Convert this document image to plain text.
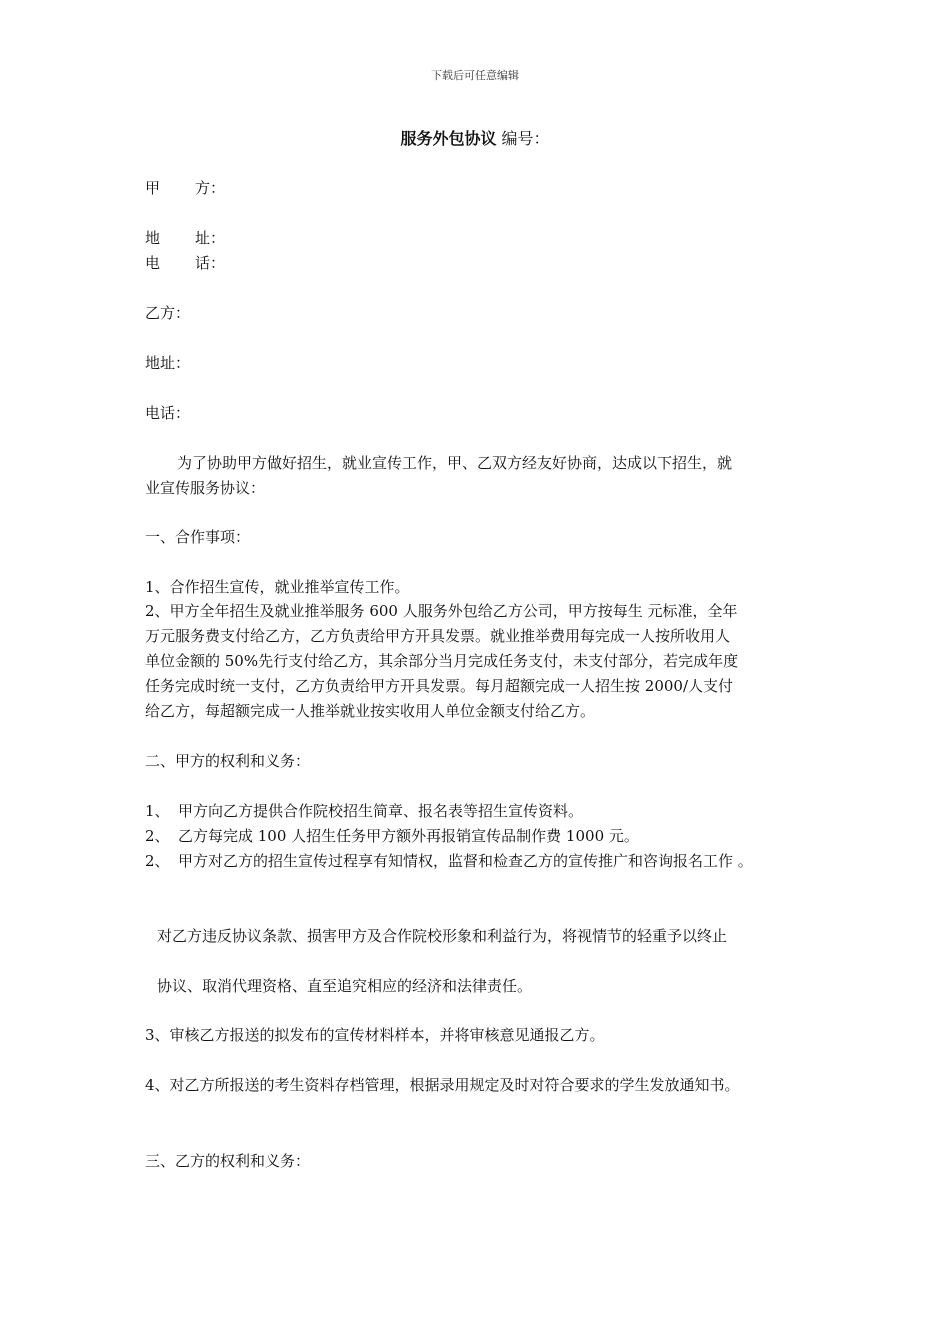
下载后可任意编辑
服务外包协议 编号：
甲 方：
地 址：
电 话：
乙方：
地址：
电话：
为了协助甲方做好招生，就业宣传工作，甲、乙双方经友好协商，达成以下招生，就
业宣传服务协议：
一、合作事项：
1、合作招生宣传，就业推举宣传工作。
2、甲方全年招生及就业推举服务 600 人服务外包给乙方公司，甲方按每生 元标准，全年
万元服务费支付给乙方，乙方负责给甲方开具发票。就业推举费用每完成一人按所收用人
单位金额的 50%先行支付给乙方，其余部分当月完成任务支付，未支付部分，若完成年度
任务完成时统一支付，乙方负责给甲方开具发票。每月超额完成一人招生按 2000/人支付
给乙方，每超额完成一人推举就业按实收用人单位金额支付给乙方。
二、甲方的权利和义务：
1、 甲方向乙方提供合作院校招生简章、报名表等招生宣传资料。
2、 乙方每完成 100 人招生任务甲方额外再报销宣传品制作费 1000 元。
2、 甲方对乙方的招生宣传过程享有知情权，监督和检查乙方的宣传推广和咨询报名工作 。
对乙方违反协议条款、损害甲方及合作院校形象和利益行为，将视情节的轻重予以终止
协议、取消代理资格、直至追究相应的经济和法律责任。
3、审核乙方报送的拟发布的宣传材料样本，并将审核意见通报乙方。
4、对乙方所报送的考生资料存档管理，根据录用规定及时对符合要求的学生发放通知书。
三、乙方的权利和义务：
